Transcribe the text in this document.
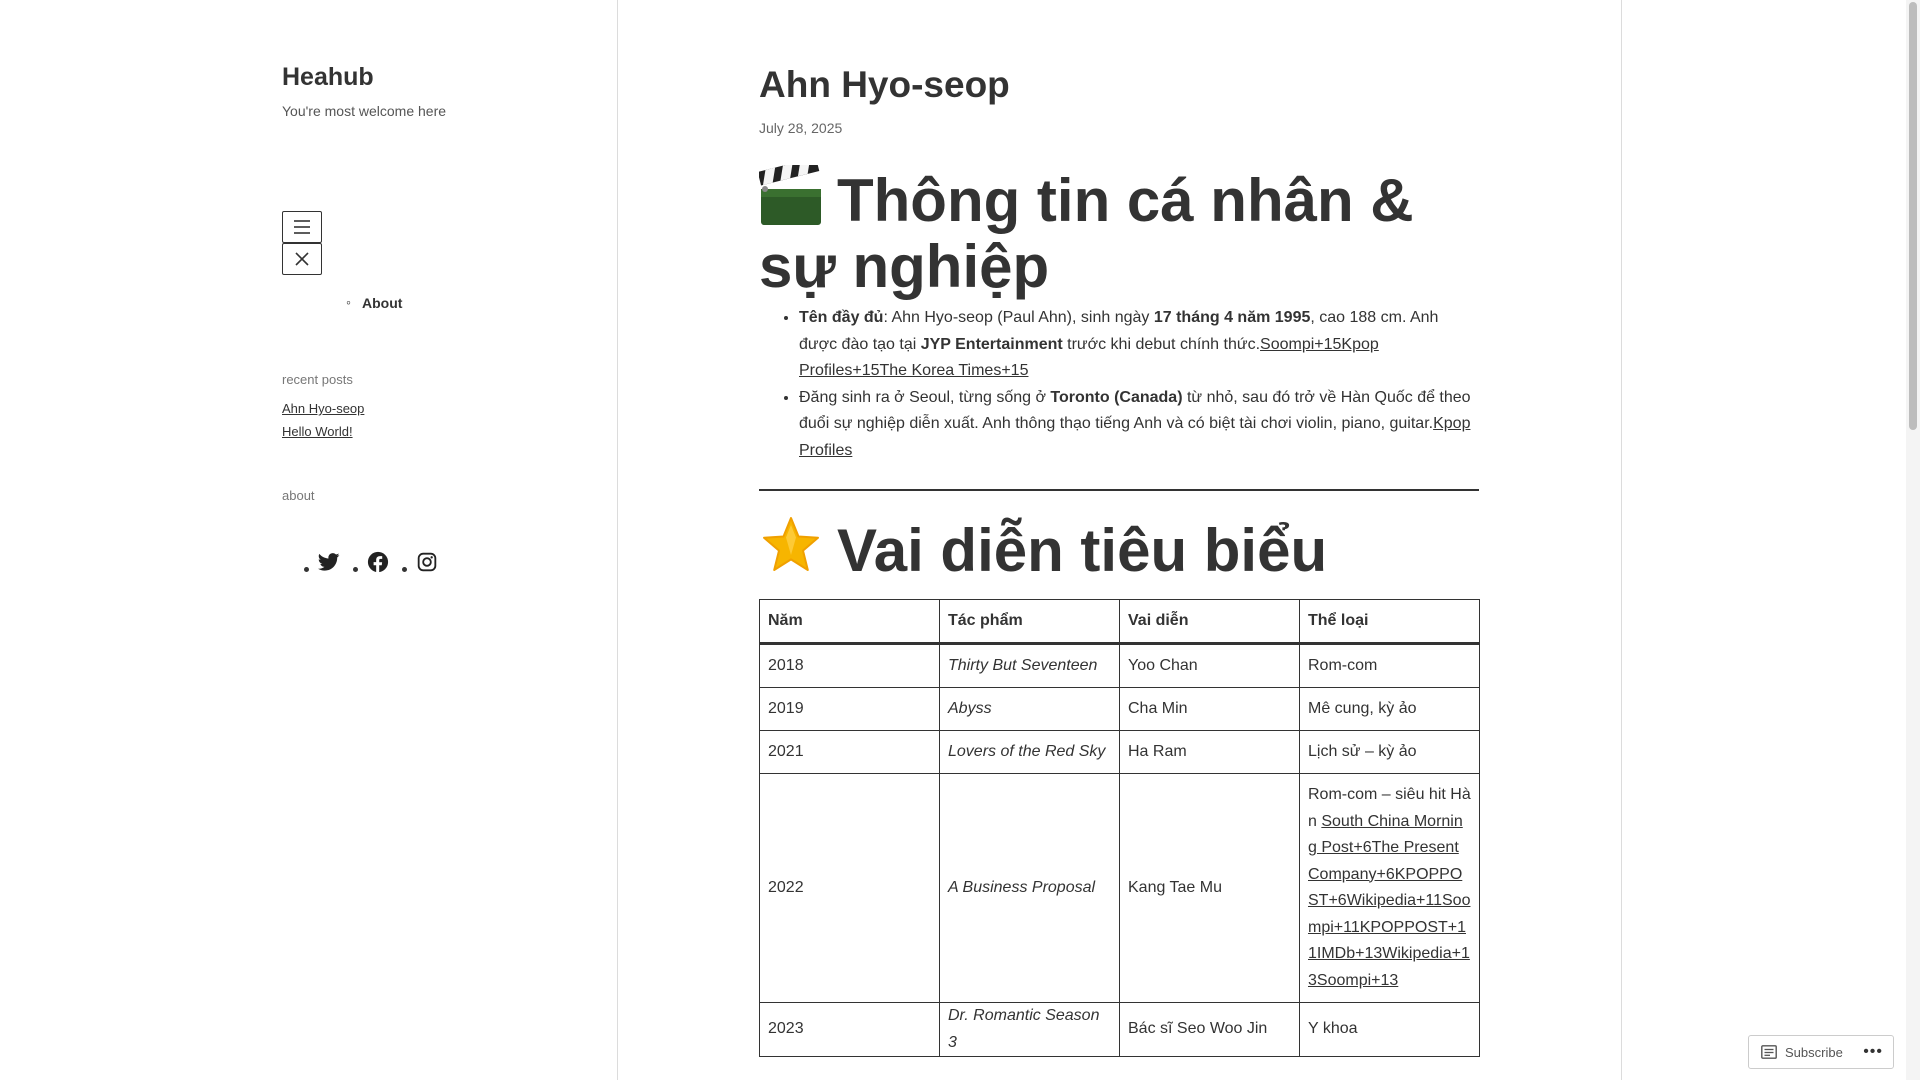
Heahub
You're most welcome here
◦ About
recent posts
Ahn Hyo-seop
Hello World!
about
Ahn Hyo-seop
July 28, 2025
Thông tin cá nhân & sự nghiệp
• Tên đầy đủ: Ahn Hyo-seop (Paul Ahn), sinh ngày 17 tháng 4 năm 1995, cao 188 cm. Anh được đào tạo tại JYP Entertainment trước khi debut chính thức.Soompi+15Kpop Profiles+15The Korea Times+15
• Đăng sinh ra ở Seoul, từng sống ở Toronto (Canada) từ nhỏ, sau đó trở về Hàn Quốc để theo đuổi sự nghiệp diễn xuất. Anh thông thạo tiếng Anh và có biệt tài chơi violin, piano, guitar.Kpop Profiles
Vai diễn tiêu biểu
Năm	Tác phẩm	Vai diễn	Thể loại
2018	Thirty But Seventeen	Yoo Chan	Rom-com
2019	Abyss	Cha Min	Mê cung, kỳ ảo
2021	Lovers of the Red Sky	Ha Ram	Lịch sử – kỳ ảo
2022	A Business Proposal	Kang Tae Mu	Rom-com – siêu hit Hàn South China Morning Post+6The Present Company+6KPOPPOST+6Wikipedia+11Soompi+11KPOPPOST+11IMDb+13Wikipedia+13Soompi+13
2023	Dr. Romantic Season 3	Bác sĩ Seo Woo Jin	Y khoa
Subscribe •••
